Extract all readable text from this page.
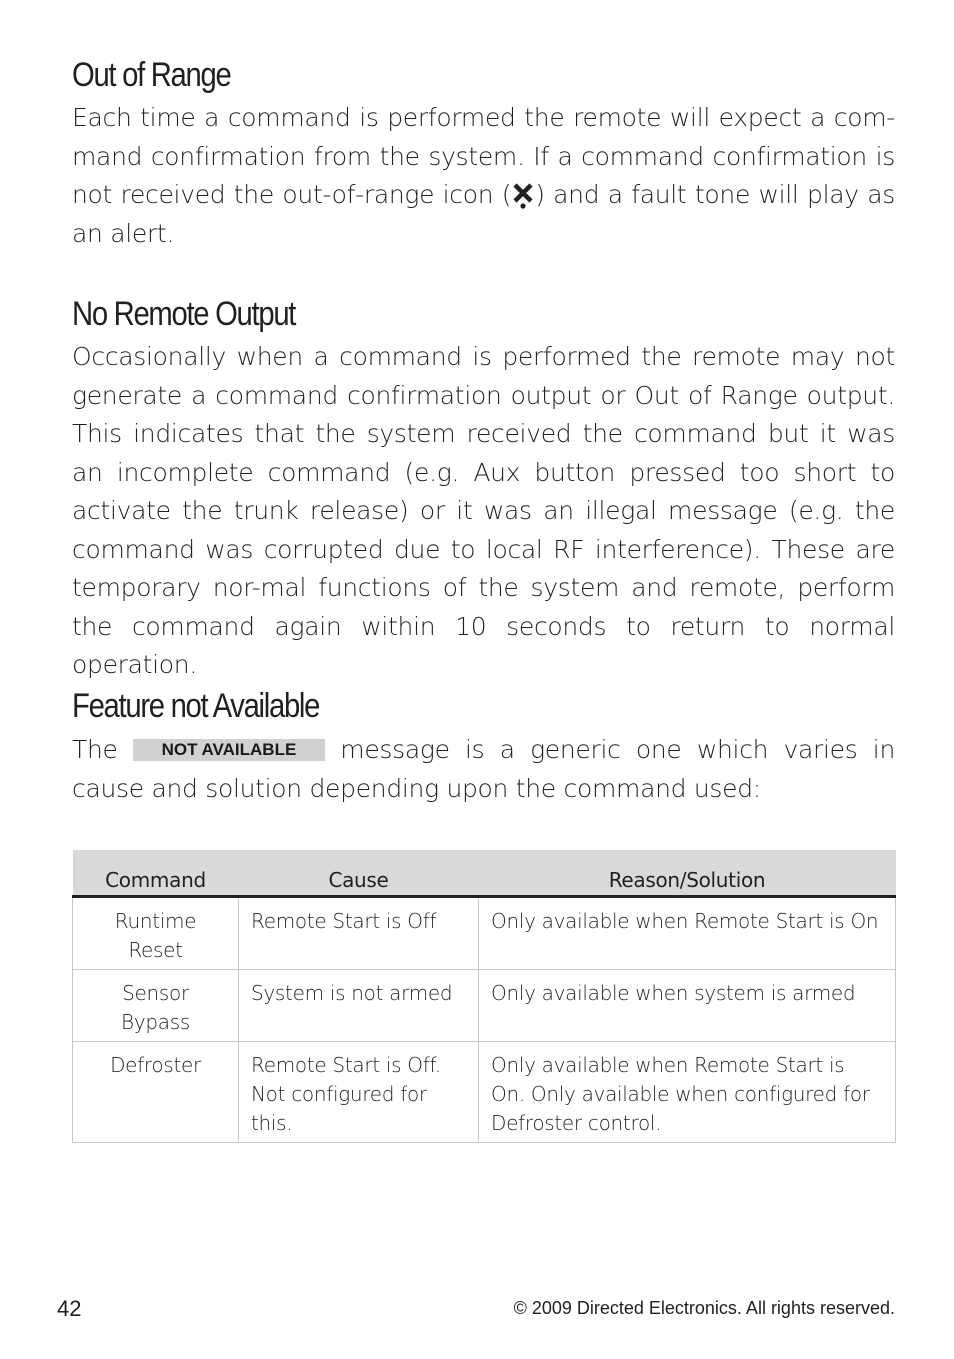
Out of Range

Each time a command is performed the remote will expect a com-mand confirmation from the system. If a command confirmation is not received the out-of-range icon ( ) and a fault tone will play as an alert.

No Remote Output

Occasionally when a command is performed the remote may not generate a command confirmation output or Out of Range output. This indicates that the system received the command but it was an incomplete command (e.g. Aux button pressed too short to activate the trunk release) or it was an illegal message (e.g. the command was corrupted due to local RF interference). These are temporary nor-mal functions of the system and remote, perform the command again within 10 seconds to return to normal operation.

Feature not Available

The NOT AVAILABLE message is a generic one which varies in cause and solution depending upon the command used:

Command	Cause	Reason/Solution
Runtime Reset	Remote Start is Off	Only available when Remote Start is On
Sensor Bypass	System is not armed	Only available when system is armed
Defroster	Remote Start is Off. Not configured for this.	Only available when Remote Start is On. Only available when configured for Defroster control.
42	© 2009 Directed Electronics. All rights reserved.
